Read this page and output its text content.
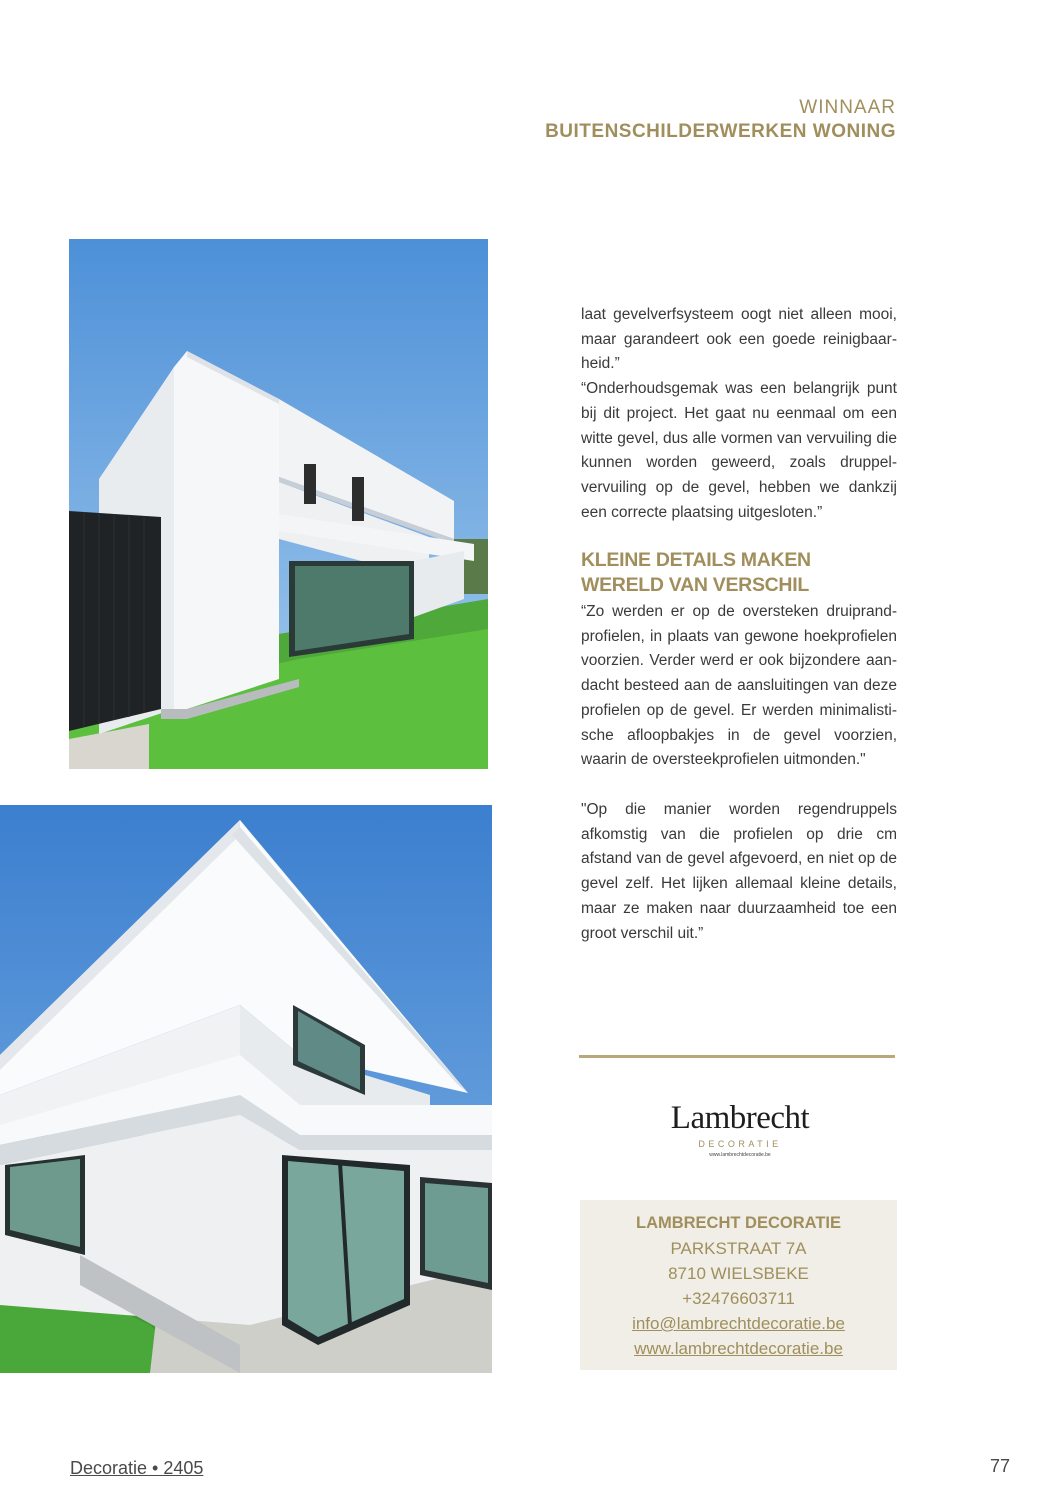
WINNAAR
BUITENSCHILDERWERKEN WONING

laat gevelverfsysteem oogt niet alleen mooi, maar garandeert ook een goede reinigbaar-heid.”

“Onderhoudsgemak was een belangrijk punt bij dit project. Het gaat nu eenmaal om een witte gevel, dus alle vormen van vervuiling die kunnen worden geweerd, zoals druppel-vervuiling op de gevel, hebben we dankzij een correcte plaatsing uitgesloten.”

KLEINE DETAILS MAKEN WERELD VAN VERSCHIL

“Zo werden er op de oversteken druiprand-profielen, in plaats van gewone hoekprofielen voorzien. Verder werd er ook bijzondere aan-dacht besteed aan de aansluitingen van deze profielen op de gevel. Er werden minimalisti-sche afloopbakjes in de gevel voorzien, waarin de oversteekprofielen uitmonden."

"Op die manier worden regendruppels afkomstig van die profielen op drie cm afstand van de gevel afgevoerd, en niet op de gevel zelf. Het lijken allemaal kleine details, maar ze maken naar duurzaamheid toe een groot verschil uit.”

Lambrecht
DECORATIE
www.lambrechtdecoratie.be
LAMBRECHT DECORATIE
PARKSTRAAT 7A
8710 WIELSBEKE
+32476603711
info@lambrechtdecoratie.be
www.lambrechtdecoratie.be
Decoratie • 2405	77
